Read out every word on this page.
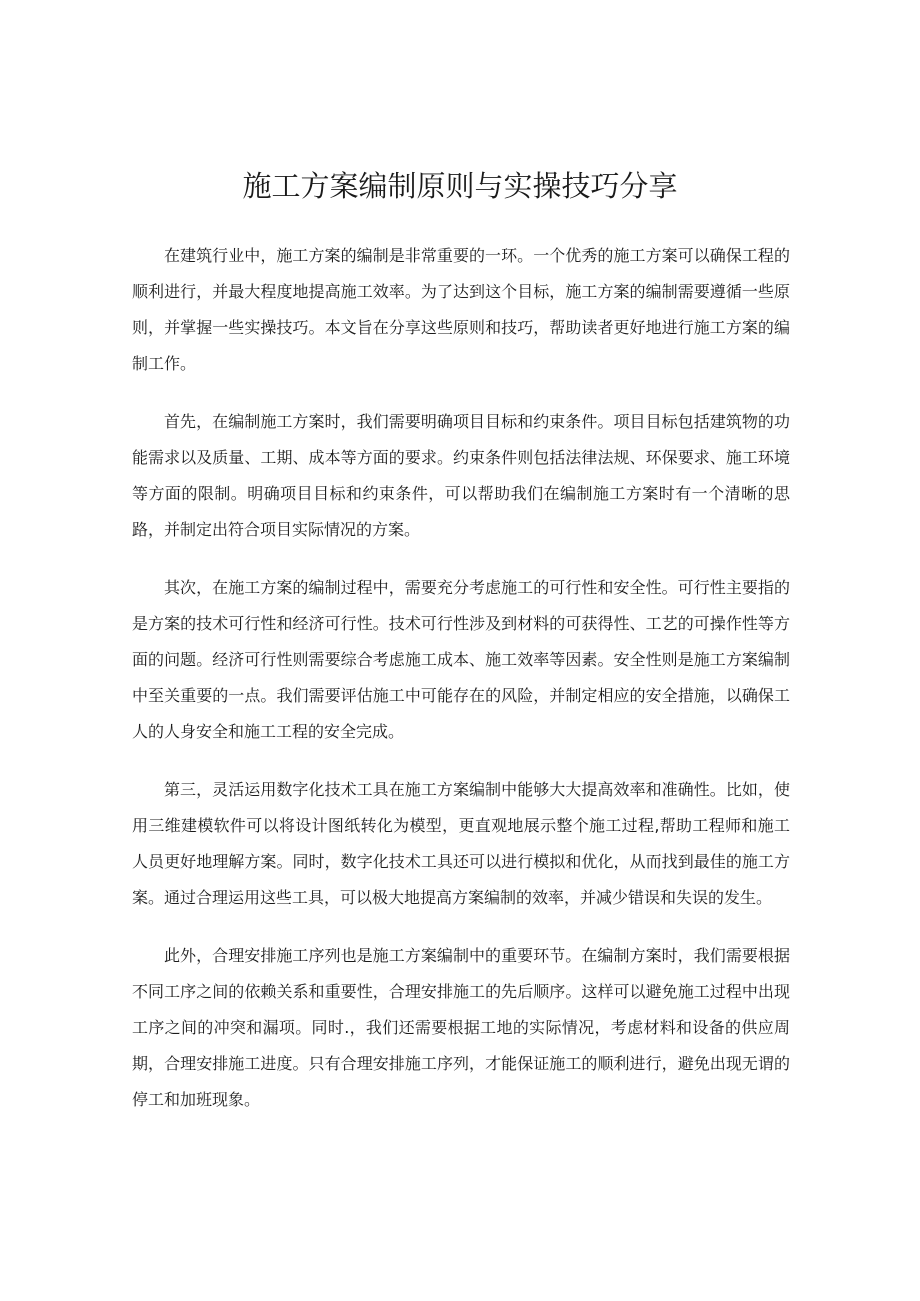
施工方案编制原则与实操技巧分享

在建筑行业中，施工方案的编制是非常重要的一环。一个优秀的施工方案可以确保工程的顺利进行，并最大程度地提高施工效率。为了达到这个目标，施工方案的编制需要遵循一些原则，并掌握一些实操技巧。本文旨在分享这些原则和技巧，帮助读者更好地进行施工方案的编制工作。

首先，在编制施工方案时，我们需要明确项目目标和约束条件。项目目标包括建筑物的功能需求以及质量、工期、成本等方面的要求。约束条件则包括法律法规、环保要求、施工环境等方面的限制。明确项目目标和约束条件，可以帮助我们在编制施工方案时有一个清晰的思路，并制定出符合项目实际情况的方案。

其次，在施工方案的编制过程中，需要充分考虑施工的可行性和安全性。可行性主要指的是方案的技术可行性和经济可行性。技术可行性涉及到材料的可获得性、工艺的可操作性等方面的问题。经济可行性则需要综合考虑施工成本、施工效率等因素。安全性则是施工方案编制中至关重要的一点。我们需要评估施工中可能存在的风险，并制定相应的安全措施，以确保工人的人身安全和施工工程的安全完成。

第三，灵活运用数字化技术工具在施工方案编制中能够大大提高效率和准确性。比如，使用三维建模软件可以将设计图纸转化为模型，更直观地展示整个施工过程,帮助工程师和施工人员更好地理解方案。同时，数字化技术工具还可以进行模拟和优化，从而找到最佳的施工方案。通过合理运用这些工具，可以极大地提高方案编制的效率，并减少错误和失误的发生。

此外，合理安排施工序列也是施工方案编制中的重要环节。在编制方案时，我们需要根据不同工序之间的依赖关系和重要性，合理安排施工的先后顺序。这样可以避免施工过程中出现工序之间的冲突和漏项。同时.，我们还需要根据工地的实际情况，考虑材料和设备的供应周期，合理安排施工进度。只有合理安排施工序列，才能保证施工的顺利进行，避免出现无谓的停工和加班现象。
